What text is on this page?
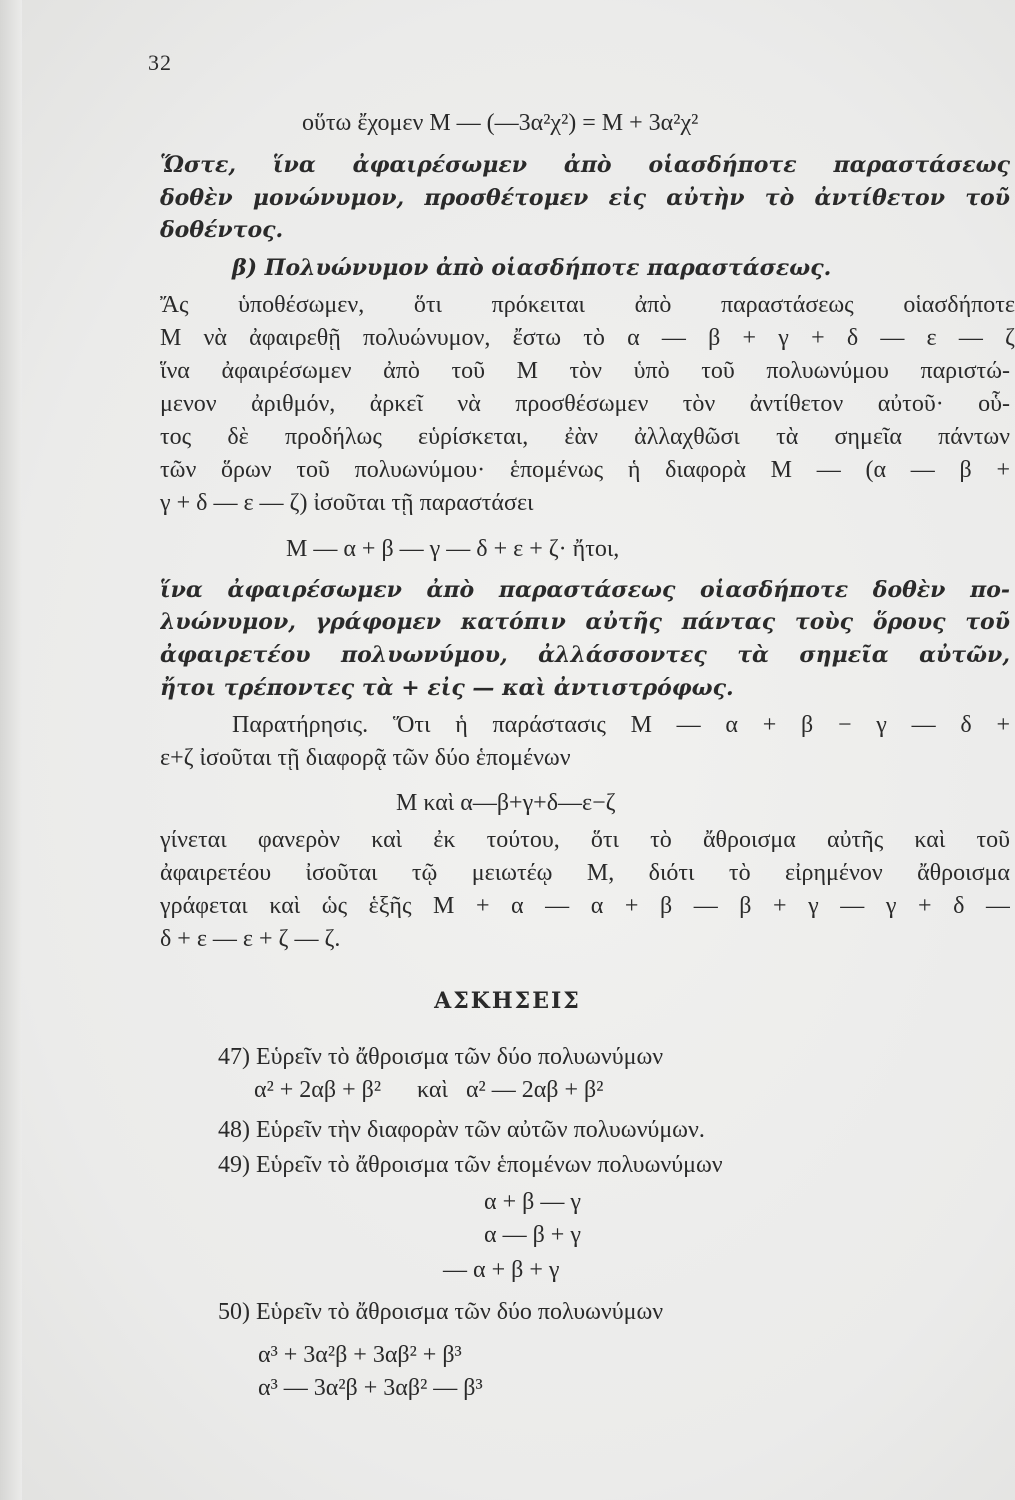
32
οὕτω ἔχομεν Μ — (—3α²χ²) = Μ + 3α²χ²
Ὥστε, ἵνα ἀφαιρέσωμεν ἀπὸ οἱασδήποτε παραστάσεως
δοθὲν μονώνυμον, προσθέτομεν εἰς αὐτὴν τὸ ἀντίθετον τοῦ
δοθέντος.
β) Πολυώνυμον ἀπὸ οἱασδήποτε παραστάσεως.
Ἄς ὑποθέσωμεν, ὅτι πρόκειται ἀπὸ παραστάσεως οἱασδήποτε
Μ νὰ ἀφαιρεθῇ πολυώνυμον, ἔστω τὸ α — β + γ + δ — ε — ζ
ἵνα ἀφαιρέσωμεν ἀπὸ τοῦ Μ τὸν ὑπὸ τοῦ πολυωνύμου παριστώ-
μενον ἀριθμόν, ἀρκεῖ νὰ προσθέσωμεν τὸν ἀντίθετον αὐτοῦ· οὗ-
τος δὲ προδήλως εὑρίσκεται, ἐὰν ἀλλαχθῶσι τὰ σημεῖα πάντων
τῶν ὅρων τοῦ πολυωνύμου· ἑπομένως ἡ διαφορὰ Μ — (α — β +
γ + δ — ε — ζ) ἰσοῦται τῇ παραστάσει
Μ — α + β — γ — δ + ε + ζ· ἤτοι,
ἵνα ἀφαιρέσωμεν ἀπὸ παραστάσεως οἱασδήποτε δοθὲν πο-
λυώνυμον, γράφομεν κατόπιν αὐτῆς πάντας τοὺς ὅρους τοῦ
ἀφαιρετέου πολυωνύμου, ἀλλάσσοντες τὰ σημεῖα αὐτῶν,
ἤτοι τρέποντες τὰ + εἰς — καὶ ἀντιστρόφως.
Παρατήρησις. Ὅτι ἡ παράστασις Μ — α + β − γ — δ +
ε+ζ ἰσοῦται τῇ διαφορᾷ τῶν δύο ἑπομένων
Μ καὶ α—β+γ+δ—ε−ζ
γίνεται φανερὸν καὶ ἐκ τούτου, ὅτι τὸ ἄθροισμα αὐτῆς καὶ τοῦ
ἀφαιρετέου ἰσοῦται τῷ μειωτέῳ Μ, διότι τὸ εἰρημένον ἄθροισμα
γράφεται καὶ ὡς ἑξῆς Μ + α — α + β — β + γ — γ + δ —
δ + ε — ε + ζ — ζ.
ΑΣΚΗΣΕΙΣ
47) Εὑρεῖν τὸ ἄθροισμα τῶν δύο πολυωνύμων
α² + 2αβ + β²      καὶ   α² — 2αβ + β²
48) Εὑρεῖν τὴν διαφορὰν τῶν αὐτῶν πολυωνύμων.
49) Εὑρεῖν τὸ ἄθροισμα τῶν ἑπομένων πολυωνύμων
α + β — γ
α — β + γ
— α + β + γ
50) Εὑρεῖν τὸ ἄθροισμα τῶν δύο πολυωνύμων
α³ + 3α²β + 3αβ² + β³
α³ — 3α²β + 3αβ² — β³
